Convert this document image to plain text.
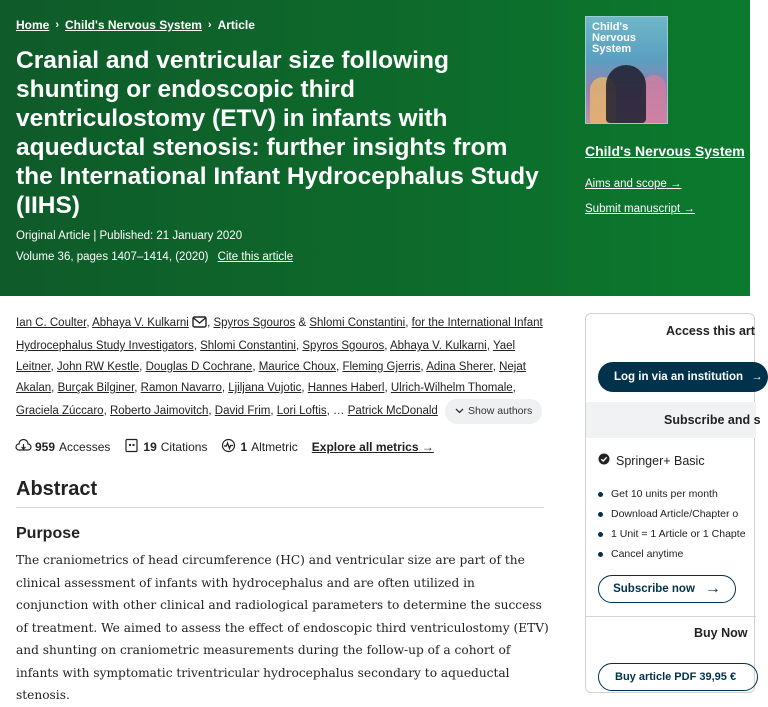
Home › Child's Nervous System › Article
Cranial and ventricular size following shunting or endoscopic third ventriculostomy (ETV) in infants with aqueductal stenosis: further insights from the International Infant Hydrocephalus Study (IIHS)
Original Article | Published: 21 January 2020
Volume 36, pages 1407–1414, (2020) Cite this article
Child's Nervous System
Child's Nervous System
Aims and scope →
Submit manuscript →
Ian C. Coulter, Abhaya V. Kulkarni , Spyros Sgouros & Shlomi Constantini, for the International Infant Hydrocephalus Study Investigators, Shlomi Constantini, Spyros Sgouros, Abhaya V. Kulkarni, Yael Leitner, John RW Kestle, Douglas D Cochrane, Maurice Choux, Fleming Gjerris, Adina Sherer, Nejat Akalan, Burçak Bilginer, Ramon Navarro, Ljiljana Vujotic, Hannes Haberl, Ulrich-Wilhelm Thomale, Graciela Zúccaro, Roberto Jaimovitch, David Frim, Lori Loftis, … Patrick McDonald	Show authors
959 Accesses	19 Citations	1 Altmetric Explore all metrics →
Abstract
Purpose

The craniometrics of head circumference (HC) and ventricular size are part of the clinical assessment of infants with hydrocephalus and are often utilized in conjunction with other clinical and radiological parameters to determine the success of treatment. We aimed to assess the effect of endoscopic third ventriculostomy (ETV) and shunting on craniometric measurements during the follow-up of a cohort of infants with symptomatic triventricular hydrocephalus secondary to aqueductal stenosis.

Access this art
Log in via an institution →
Subscribe and s
Springer+ Basic
Get 10 units per month
Download Article/Chapter o
1 Unit = 1 Article or 1 Chapte
Cancel anytime
Subscribe now →
Buy Now
Buy article PDF 39,95 €
